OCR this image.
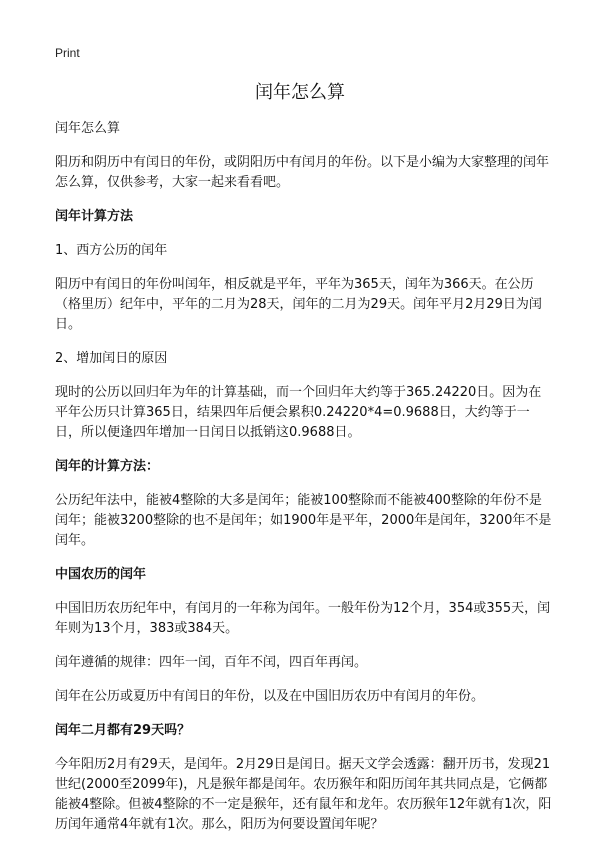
Print
闰年怎么算

闰年怎么算

阳历和阴历中有闰日的年份，或阴阳历中有闰月的年份。以下是小编为大家整理的闰年怎么算，仅供参考，大家一起来看看吧。

闰年计算方法

1、西方公历的闰年

阳历中有闰日的年份叫闰年，相反就是平年，平年为365天，闰年为366天。在公历（格里历）纪年中，平年的二月为28天，闰年的二月为29天。闰年平月2月29日为闰日。

2、增加闰日的原因

现时的公历以回归年为年的计算基础，而一个回归年大约等于365.24220日。因为在平年公历只计算365日，结果四年后便会累积0.24220*4=0.9688日，大约等于一日，所以便逢四年增加一日闰日以抵销这0.9688日。

闰年的计算方法：

公历纪年法中，能被4整除的大多是闰年；能被100整除而不能被400整除的年份不是闰年；能被3200整除的也不是闰年；如1900年是平年，2000年是闰年，3200年不是闰年。

中国农历的闰年

中国旧历农历纪年中，有闰月的一年称为闰年。一般年份为12个月，354或355天，闰年则为13个月，383或384天。

闰年遵循的规律：四年一闰，百年不闰，四百年再闰。

闰年在公历或夏历中有闰日的年份，以及在中国旧历农历中有闰月的年份。

闰年二月都有29天吗？

今年阳历2月有29天，是闰年。2月29日是闰日。据天文学会透露：翻开历书，发现21世纪(2000至2099年)，凡是猴年都是闰年。农历猴年和阳历闰年其共同点是，它俩都能被4整除。但被4整除的不一定是猴年，还有鼠年和龙年。农历猴年12年就有1次，阳历闰年通常4年就有1次。那么，阳历为何要设置闰年呢？
